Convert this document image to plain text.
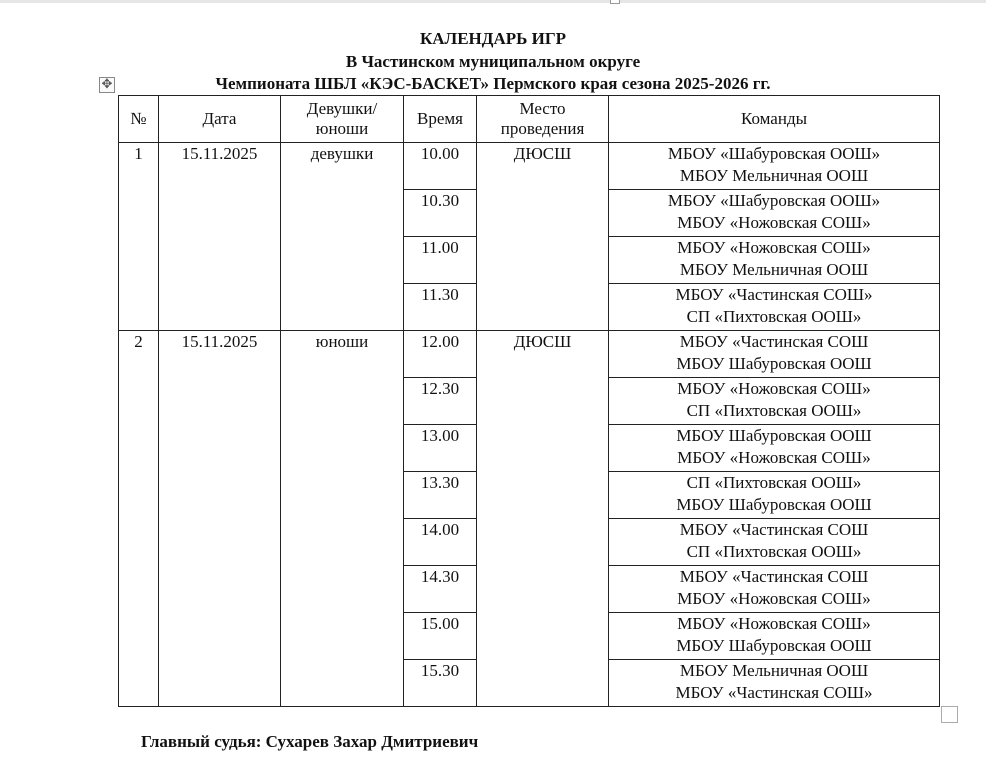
КАЛЕНДАРЬ ИГР
В Частинском муниципальном округе
Чемпионата ШБЛ «КЭС-БАСКЕТ» Пермского края сезона 2025-2026 гг.
✥
№	Дата	Девушки/ юноши	Время	Место проведения	Команды
1	15.11.2025	девушки	10.00	ДЮСШ	МБОУ «Шабуровская ООШ»
МБОУ Мельничная ООШ

			10.30		МБОУ «Шабуровская ООШ»
МБОУ «Ножовская СОШ»

			11.00		МБОУ «Ножовская СОШ»
МБОУ Мельничная ООШ

			11.30		МБОУ «Частинская СОШ»
СП «Пихтовская ООШ»

2	15.11.2025	юноши	12.00	ДЮСШ	МБОУ «Частинская СОШ
МБОУ Шабуровская ООШ

			12.30		МБОУ «Ножовская СОШ»
СП «Пихтовская ООШ»

			13.00		МБОУ Шабуровская ООШ
МБОУ «Ножовская СОШ»

			13.30		СП «Пихтовская ООШ»
МБОУ Шабуровская ООШ

			14.00		МБОУ «Частинская СОШ
СП «Пихтовская ООШ»

			14.30		МБОУ «Частинская СОШ
МБОУ «Ножовская СОШ»

			15.00		МБОУ «Ножовская СОШ»
МБОУ Шабуровская ООШ

			15.30		МБОУ Мельничная ООШ
МБОУ «Частинская СОШ»
Главный судья: Сухарев Захар Дмитриевич
